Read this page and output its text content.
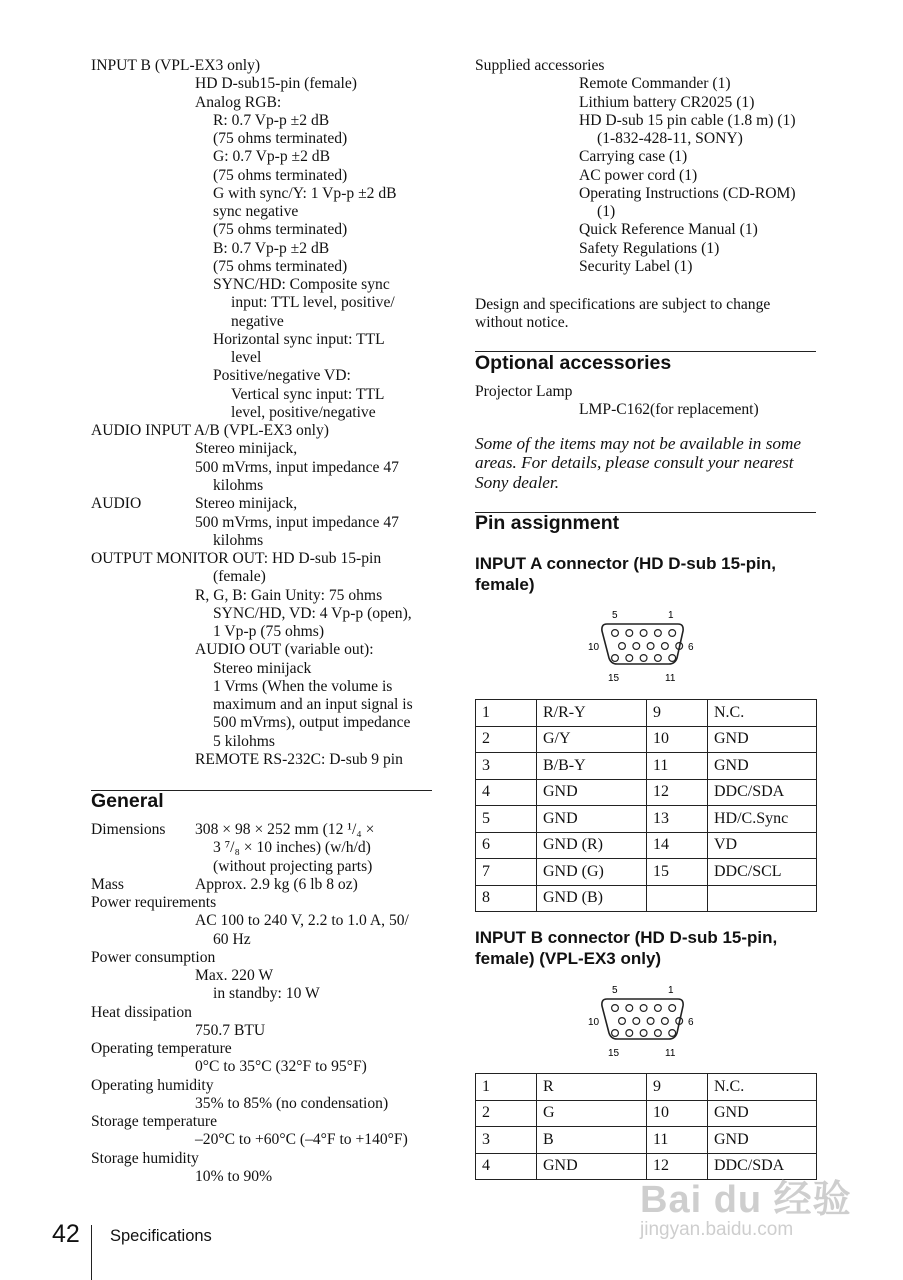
INPUT B (VPL-EX3 only)
HD D-sub15-pin (female)
Analog RGB:
R: 0.7 Vp-p ±2 dB
(75 ohms terminated)
G: 0.7 Vp-p ±2 dB
(75 ohms terminated)
G with sync/Y: 1 Vp-p ±2 dB
sync negative
(75 ohms terminated)
B: 0.7 Vp-p ±2 dB
(75 ohms terminated)
SYNC/HD: Composite sync
input: TTL level, positive/
negative
Horizontal sync input: TTL
level
Positive/negative VD:
Vertical sync input: TTL
level, positive/negative
AUDIO INPUT A/B (VPL-EX3 only)
Stereo minijack,
500 mVrms, input impedance 47
kilohms
AUDIO	Stereo minijack,
500 mVrms, input impedance 47
kilohms
OUTPUT MONITOR OUT: HD D-sub 15-pin
(female)
R, G, B: Gain Unity: 75 ohms
SYNC/HD, VD: 4 Vp-p (open),
1 Vp-p (75 ohms)
AUDIO OUT (variable out):
Stereo minijack
1 Vrms (When the volume is
maximum and an input signal is
500 mVrms), output impedance
5 kilohms
REMOTE RS-232C: D-sub 9 pin
General
Dimensions 308 × 98 × 252 mm (12 ¹/₄ ×
3 ⁷/₈ × 10 inches) (w/h/d)
(without projecting parts)
Mass	Approx. 2.9 kg (6 lb 8 oz)
Power requirements
AC 100 to 240 V, 2.2 to 1.0 A, 50/
60 Hz
Power consumption
Max. 220 W
in standby: 10 W
Heat dissipation
750.7 BTU
Operating temperature
0°C to 35°C (32°F to 95°F)
Operating humidity
35% to 85% (no condensation)
Storage temperature
–20°C to +60°C (–4°F to +140°F)
Storage humidity
10% to 90%
Supplied accessories
Remote Commander (1)
Lithium battery CR2025 (1)
HD D-sub 15 pin cable (1.8 m) (1)
(1-832-428-11, SONY)
Carrying case (1)
AC power cord (1)
Operating Instructions (CD-ROM)
(1)
Quick Reference Manual (1)
Safety Regulations (1)
Security Label (1)
Design and specifications are subject to change
without notice.
Optional accessories
Projector Lamp
LMP-C162(for replacement)
Some of the items may not be available in some areas. For details, please consult your nearest Sony dealer.
Pin assignment
INPUT A connector (HD D-sub 15-pin, female)
5	1
10	6
15	11
1	R/R-Y	9	N.C.
2	G/Y	10	GND
3	B/B-Y	11	GND
4	GND	12	DDC/SDA
5	GND	13	HD/C.Sync
6	GND (R)	14	VD
7	GND (G)	15	DDC/SCL
8	GND (B)		
INPUT B connector (HD D-sub 15-pin, female) (VPL-EX3 only)
5	1
10	6
15	11
1	R	9	N.C.
2	G	10	GND
3	B	11	GND
4	GND	12	DDC/SDA
42 Specifications
Bai du 经验
jingyan.baidu.com
